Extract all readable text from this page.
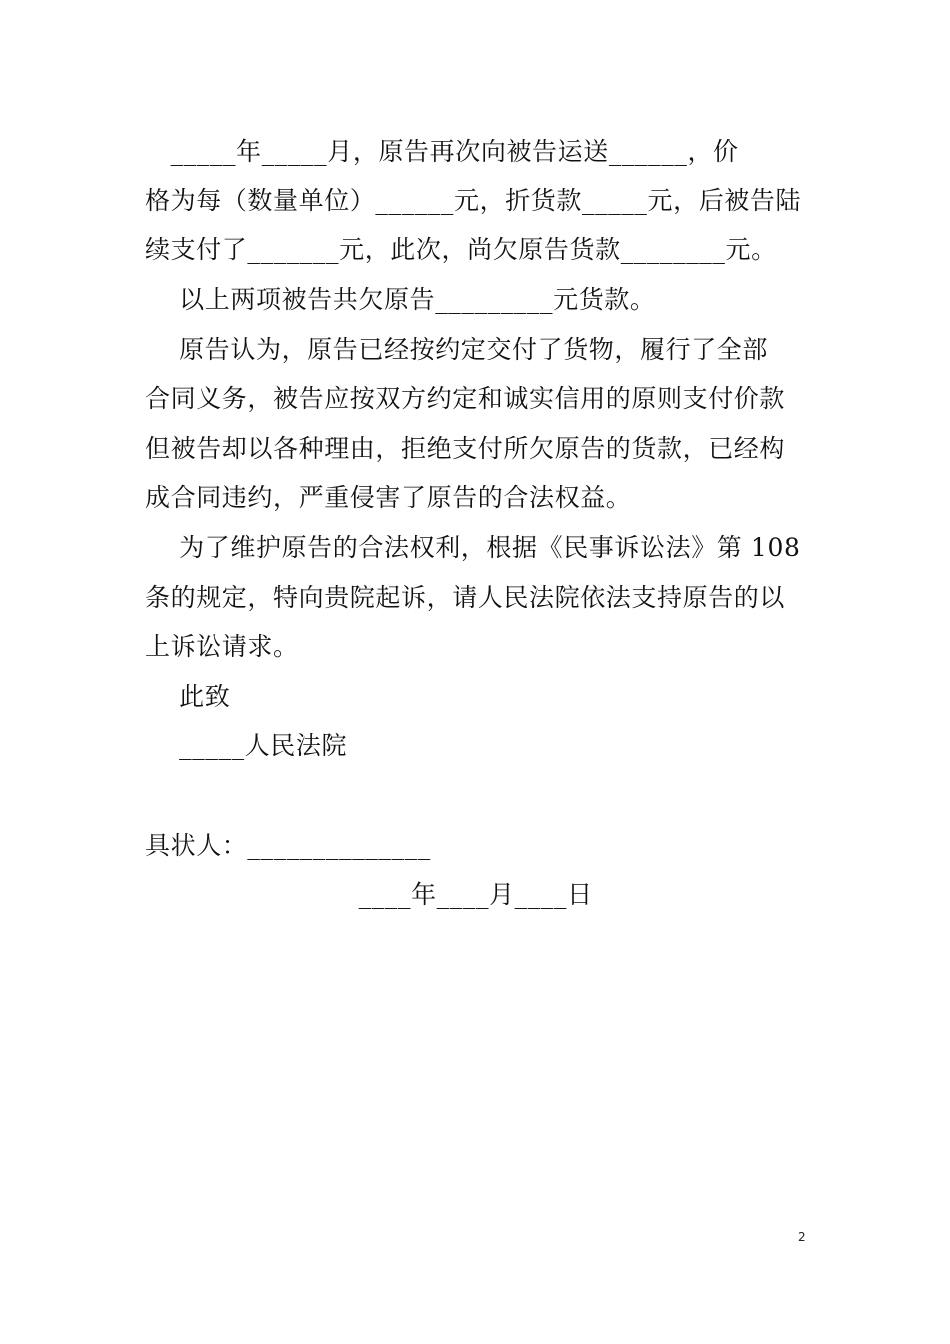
_____年_____月，原告再次向被告运送______，价
格为每（数量单位）______元，折货款_____元，后被告陆
续支付了_______元，此次，尚欠原告货款________元。
以上两项被告共欠原告_________元货款。
原告认为，原告已经按约定交付了货物，履行了全部
合同义务，被告应按双方约定和诚实信用的原则支付价款
但被告却以各种理由，拒绝支付所欠原告的货款，已经构
成合同违约，严重侵害了原告的合法权益。
为了维护原告的合法权利，根据《民事诉讼法》第 108
条的规定，特向贵院起诉，请人民法院依法支持原告的以
上诉讼请求。
此致
_____人民法院
具状人：______________
____年____月____日
2
